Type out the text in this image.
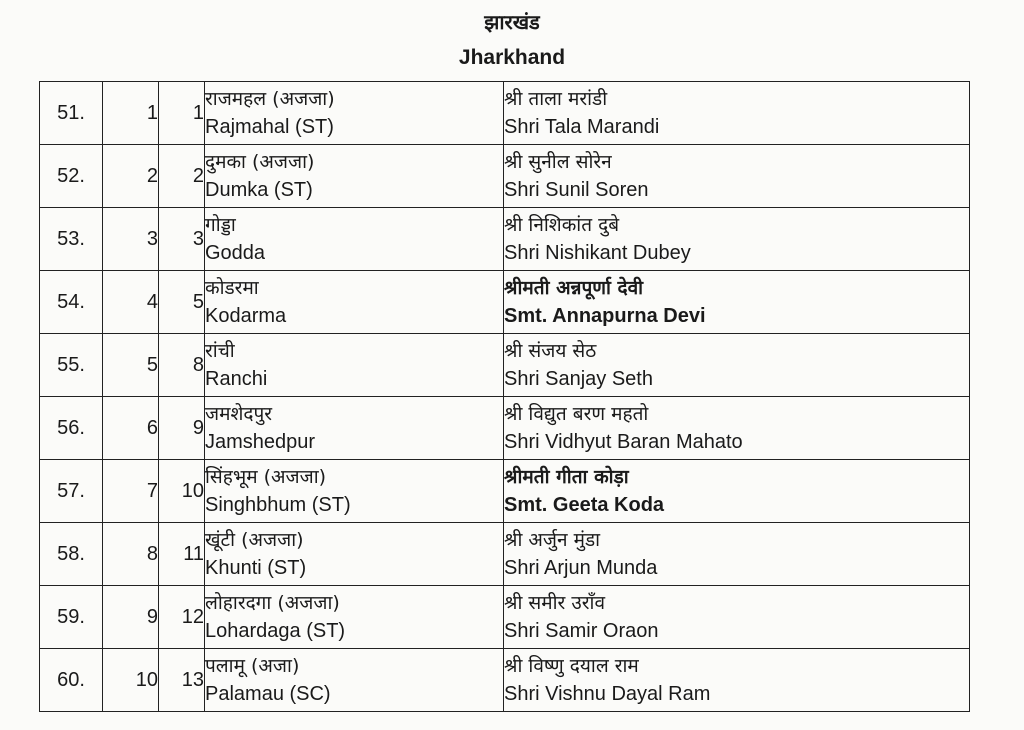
झारखंड
Jharkhand
51.	1	1	राजमहल (अजजा)
Rajmahal (ST)	श्री ताला मरांडी
Shri Tala Marandi

52.	2	2	दुमका (अजजा)
Dumka (ST)	श्री सुनील सोरेन
Shri Sunil Soren

53.	3	3	गोड्डा
Godda	श्री निशिकांत दुबे
Shri Nishikant Dubey

54.	4	5	कोडरमा
Kodarma	श्रीमती अन्नपूर्णा देवी
Smt. Annapurna Devi

55.	5	8	रांची
Ranchi	श्री संजय सेठ
Shri Sanjay Seth

56.	6	9	जमशेदपुर
Jamshedpur	श्री विद्युत बरण महतो
Shri Vidhyut Baran Mahato

57.	7	10	सिंहभूम (अजजा)
Singhbhum (ST)	श्रीमती गीता कोड़ा
Smt. Geeta Koda

58.	8	11	खूंटी (अजजा)
Khunti (ST)	श्री अर्जुन मुंडा
Shri Arjun Munda

59.	9	12	लोहारदगा (अजजा)
Lohardaga (ST)	श्री समीर उराँव
Shri Samir Oraon

60.	10	13	पलामू (अजा)
Palamau (SC)	श्री विष्णु दयाल राम
Shri Vishnu Dayal Ram
